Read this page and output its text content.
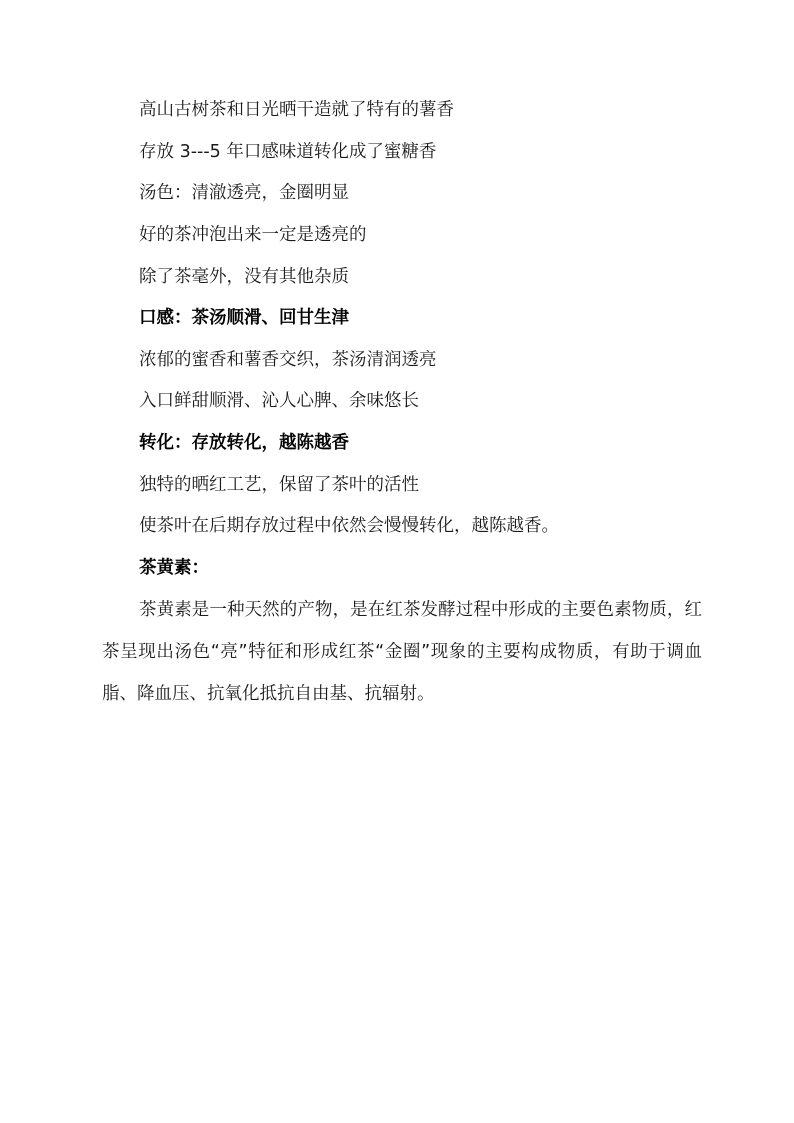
高山古树茶和日光晒干造就了特有的薯香
存放 3---5 年口感味道转化成了蜜糖香
汤色：清澈透亮，金圈明显
好的茶冲泡出来一定是透亮的
除了茶毫外，没有其他杂质
口感：茶汤顺滑、回甘生津
浓郁的蜜香和薯香交织，茶汤清润透亮
入口鲜甜顺滑、沁人心脾、余味悠长
转化：存放转化，越陈越香
独特的晒红工艺，保留了茶叶的活性
使茶叶在后期存放过程中依然会慢慢转化，越陈越香。
茶黄素：
茶黄素是一种天然的产物，是在红茶发酵过程中形成的主要色素物质，红茶呈现出汤色“亮”特征和形成红茶“金圈”现象的主要构成物质，有助于调血脂、降血压、抗氧化抵抗自由基、抗辐射。
